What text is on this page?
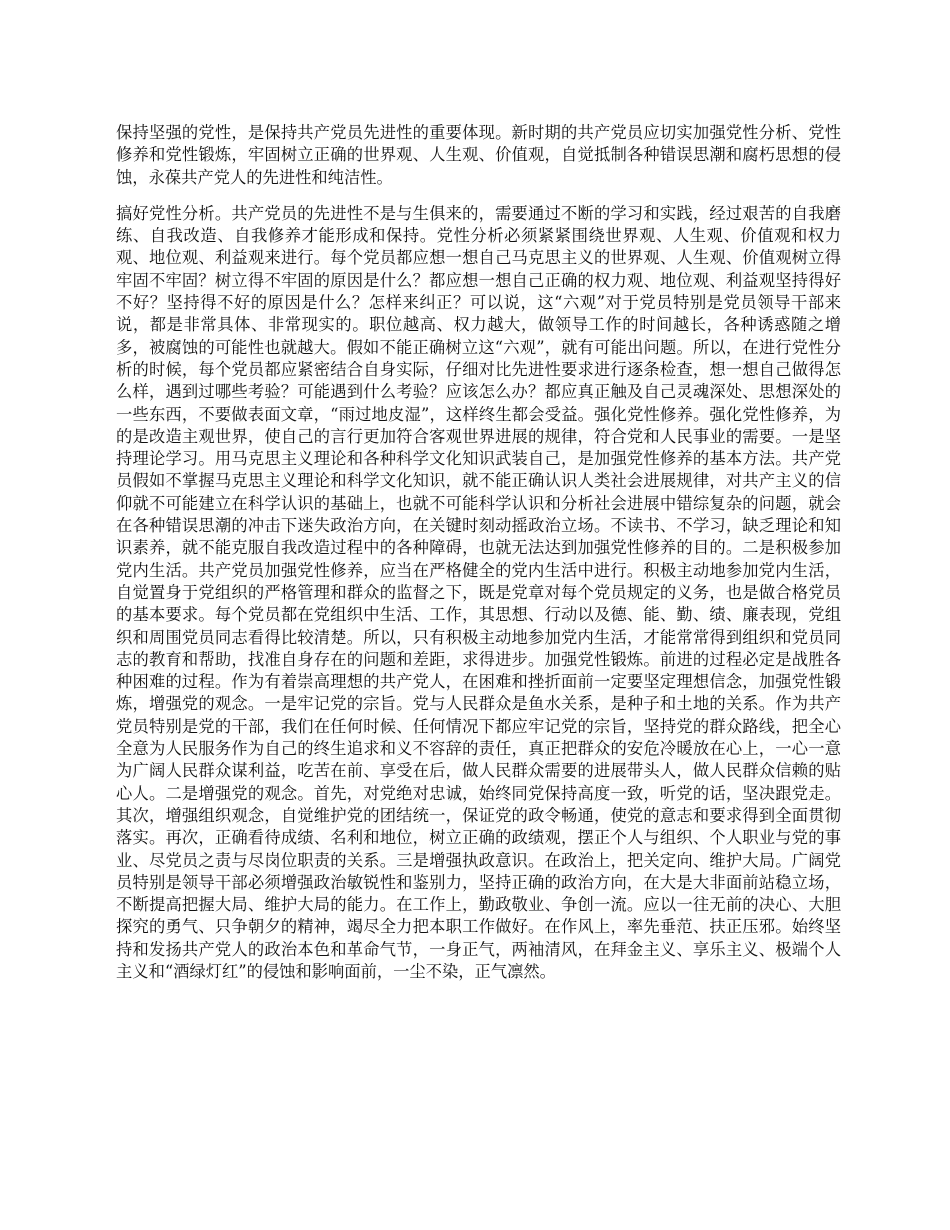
保持坚强的党性，是保持共产党员先进性的重要体现。新时期的共产党员应切实加强党性分析、党性修养和党性锻炼，牢固树立正确的世界观、人生观、价值观，自觉抵制各种错误思潮和腐朽思想的侵蚀，永葆共产党人的先进性和纯洁性。

搞好党性分析。共产党员的先进性不是与生俱来的，需要通过不断的学习和实践，经过艰苦的自我磨练、自我改造、自我修养才能形成和保持。党性分析必须紧紧围绕世界观、人生观、价值观和权力观、地位观、利益观来进行。每个党员都应想一想自己马克思主义的世界观、人生观、价值观树立得牢固不牢固？树立得不牢固的原因是什么？都应想一想自己正确的权力观、地位观、利益观坚持得好不好？坚持得不好的原因是什么？怎样来纠正？可以说，这“六观”对于党员特别是党员领导干部来说，都是非常具体、非常现实的。职位越高、权力越大，做领导工作的时间越长，各种诱惑随之增多，被腐蚀的可能性也就越大。假如不能正确树立这“六观”，就有可能出问题。所以，在进行党性分析的时候，每个党员都应紧密结合自身实际，仔细对比先进性要求进行逐条检查，想一想自己做得怎么样，遇到过哪些考验？可能遇到什么考验？应该怎么办？都应真正触及自己灵魂深处、思想深处的一些东西，不要做表面文章，“雨过地皮湿”，这样终生都会受益。强化党性修养。强化党性修养，为的是改造主观世界，使自己的言行更加符合客观世界进展的规律，符合党和人民事业的需要。一是坚持理论学习。用马克思主义理论和各种科学文化知识武装自己，是加强党性修养的基本方法。共产党员假如不掌握马克思主义理论和科学文化知识，就不能正确认识人类社会进展规律，对共产主义的信仰就不可能建立在科学认识的基础上，也就不可能科学认识和分析社会进展中错综复杂的问题，就会在各种错误思潮的冲击下迷失政治方向，在关键时刻动摇政治立场。不读书、不学习，缺乏理论和知识素养，就不能克服自我改造过程中的各种障碍，也就无法达到加强党性修养的目的。二是积极参加党内生活。共产党员加强党性修养，应当在严格健全的党内生活中进行。积极主动地参加党内生活，自觉置身于党组织的严格管理和群众的监督之下，既是党章对每个党员规定的义务，也是做合格党员的基本要求。每个党员都在党组织中生活、工作，其思想、行动以及德、能、勤、绩、廉表现，党组织和周围党员同志看得比较清楚。所以，只有积极主动地参加党内生活，才能常常得到组织和党员同志的教育和帮助，找准自身存在的问题和差距，求得进步。加强党性锻炼。前进的过程必定是战胜各种困难的过程。作为有着崇高理想的共产党人，在困难和挫折面前一定要坚定理想信念，加强党性锻炼，增强党的观念。一是牢记党的宗旨。党与人民群众是鱼水关系，是种子和土地的关系。作为共产党员特别是党的干部，我们在任何时候、任何情况下都应牢记党的宗旨，坚持党的群众路线，把全心全意为人民服务作为自己的终生追求和义不容辞的责任，真正把群众的安危冷暖放在心上，一心一意为广阔人民群众谋利益，吃苦在前、享受在后，做人民群众需要的进展带头人，做人民群众信赖的贴心人。二是增强党的观念。首先，对党绝对忠诚，始终同党保持高度一致，听党的话，坚决跟党走。其次，增强组织观念，自觉维护党的团结统一，保证党的政令畅通，使党的意志和要求得到全面贯彻落实。再次，正确看待成绩、名利和地位，树立正确的政绩观，摆正个人与组织、个人职业与党的事业、尽党员之责与尽岗位职责的关系。三是增强执政意识。在政治上，把关定向、维护大局。广阔党员特别是领导干部必须增强政治敏锐性和鉴别力，坚持正确的政治方向，在大是大非面前站稳立场，不断提高把握大局、维护大局的能力。在工作上，勤政敬业、争创一流。应以一往无前的决心、大胆探究的勇气、只争朝夕的精神，竭尽全力把本职工作做好。在作风上，率先垂范、扶正压邪。始终坚持和发扬共产党人的政治本色和革命气节，一身正气，两袖清风，在拜金主义、享乐主义、极端个人主义和“酒绿灯红”的侵蚀和影响面前，一尘不染，正气凛然。
